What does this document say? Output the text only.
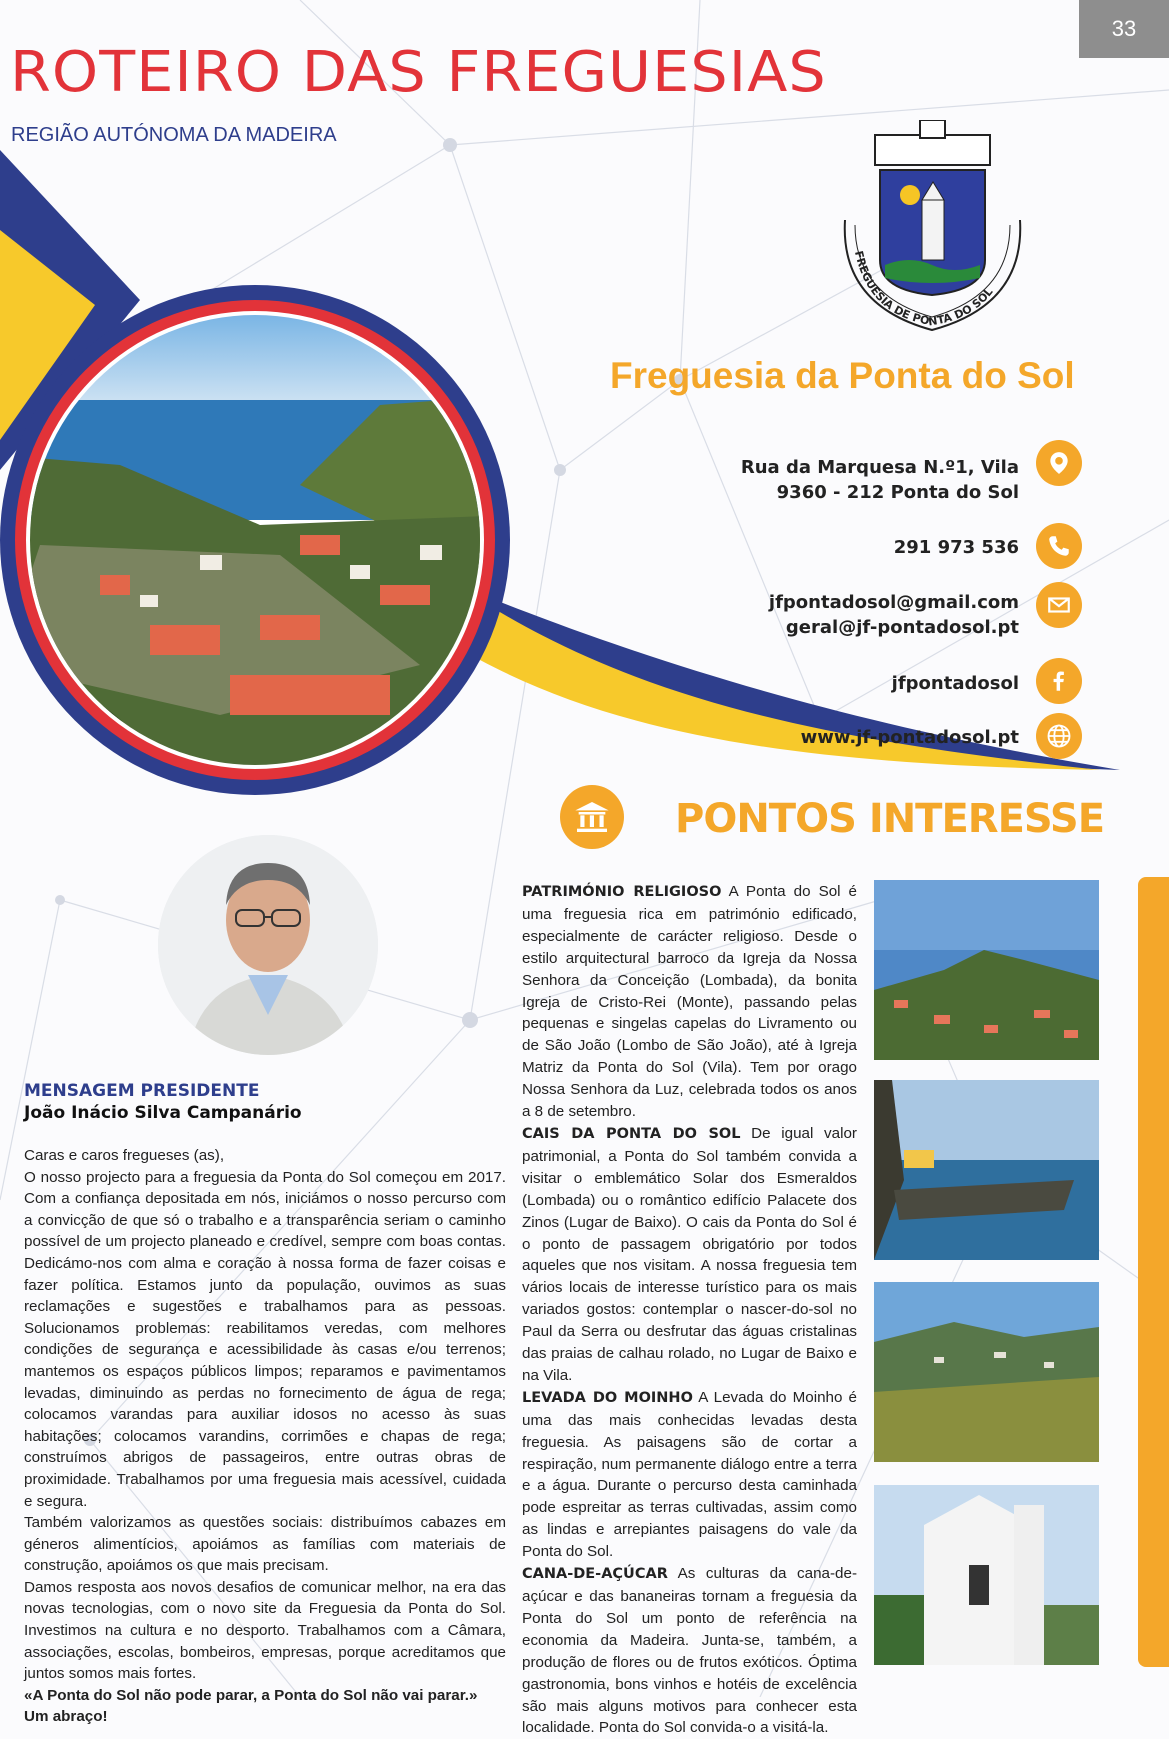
33
ROTEIRO DAS FREGUESIAS
REGIÃO AUTÓNOMA DA MADEIRA
FREGUESIA DE PONTA DO SOL
Freguesia da Ponta do Sol
Rua da Marquesa N.º1, Vila
9360 - 212 Ponta do Sol
291 973 536
jfpontadosol@gmail.com
geral@jf-pontadosol.pt
jfpontadosol
www.jf-pontadosol.pt
PONTOS INTERESSE
MENSAGEM PRESIDENTE
João Inácio Silva Campanário

Caras e caros fregueses (as),

O nosso projecto para a freguesia da Ponta do Sol começou em 2017. Com a confiança depositada em nós, iniciámos o nosso percurso com a convicção de que só o trabalho e a transparência seriam o caminho possível de um projecto planeado e credível, sempre com boas contas. Dedicámo-nos com alma e coração à nossa forma de fazer coisas e fazer política. Estamos junto da população, ouvimos as suas reclamações e sugestões e trabalhamos para as pessoas. Solucionamos problemas: reabilitamos veredas, com melhores condições de segurança e acessibilidade às casas e/ou terrenos; mantemos os espaços públicos limpos; reparamos e pavimentamos levadas, diminuindo as perdas no fornecimento de água de rega; colocamos varandas para auxiliar idosos no acesso às suas habitações; colocamos varandins, corrimões e chapas de rega; construímos abrigos de passageiros, entre outras obras de proximidade. Trabalhamos por uma freguesia mais acessível, cuidada e segura.

Também valorizamos as questões sociais: distribuímos cabazes em géneros alimentícios, apoiámos as famílias com materiais de construção, apoiámos os que mais precisam.

Damos resposta aos novos desafios de comunicar melhor, na era das novas tecnologias, com o novo site da Freguesia da Ponta do Sol. Investimos na cultura e no desporto. Trabalhamos com a Câmara, associações, escolas, bombeiros, empresas, porque acreditamos que juntos somos mais fortes.

«A Ponta do Sol não pode parar, a Ponta do Sol não vai parar.»

Um abraço!

PATRIMÓNIO RELIGIOSO A Ponta do Sol é uma freguesia rica em património edificado, especialmente de carácter religioso. Desde o estilo arquitectural barroco da Igreja da Nossa Senhora da Conceição (Lombada), da bonita Igreja de Cristo-Rei (Monte), passando pelas pequenas e singelas capelas do Livramento ou de São João (Lombo de São João), até à Igreja Matriz da Ponta do Sol (Vila). Tem por orago Nossa Senhora da Luz, celebrada todos os anos a 8 de setembro.

CAIS DA PONTA DO SOL De igual valor patrimonial, a Ponta do Sol também convida a visitar o emblemático Solar dos Esmeraldos (Lombada) ou o romântico edifício Palacete dos Zinos (Lugar de Baixo). O cais da Ponta do Sol é o ponto de passagem obrigatório por todos aqueles que nos visitam. A nossa freguesia tem vários locais de interesse turístico para os mais variados gostos: contemplar o nascer-do-sol no Paul da Serra ou desfrutar das águas cristalinas das praias de calhau rolado, no Lugar de Baixo e na Vila.

LEVADA DO MOINHO A Levada do Moinho é uma das mais conhecidas levadas desta freguesia. As paisagens são de cortar a respiração, num permanente diálogo entre a terra e a água. Durante o percurso desta caminhada pode espreitar as terras cultivadas, assim como as lindas e arrepiantes paisagens do vale da Ponta do Sol.

CANA-DE-AÇÚCAR As culturas da cana-de-açúcar e das bananeiras tornam a freguesia da Ponta do Sol um ponto de referência na economia da Madeira. Junta-se, também, a produção de flores ou de frutos exóticos. Óptima gastronomia, bons vinhos e hotéis de excelência são mais alguns motivos para conhecer esta localidade. Ponta do Sol convida-o a visitá-la.
